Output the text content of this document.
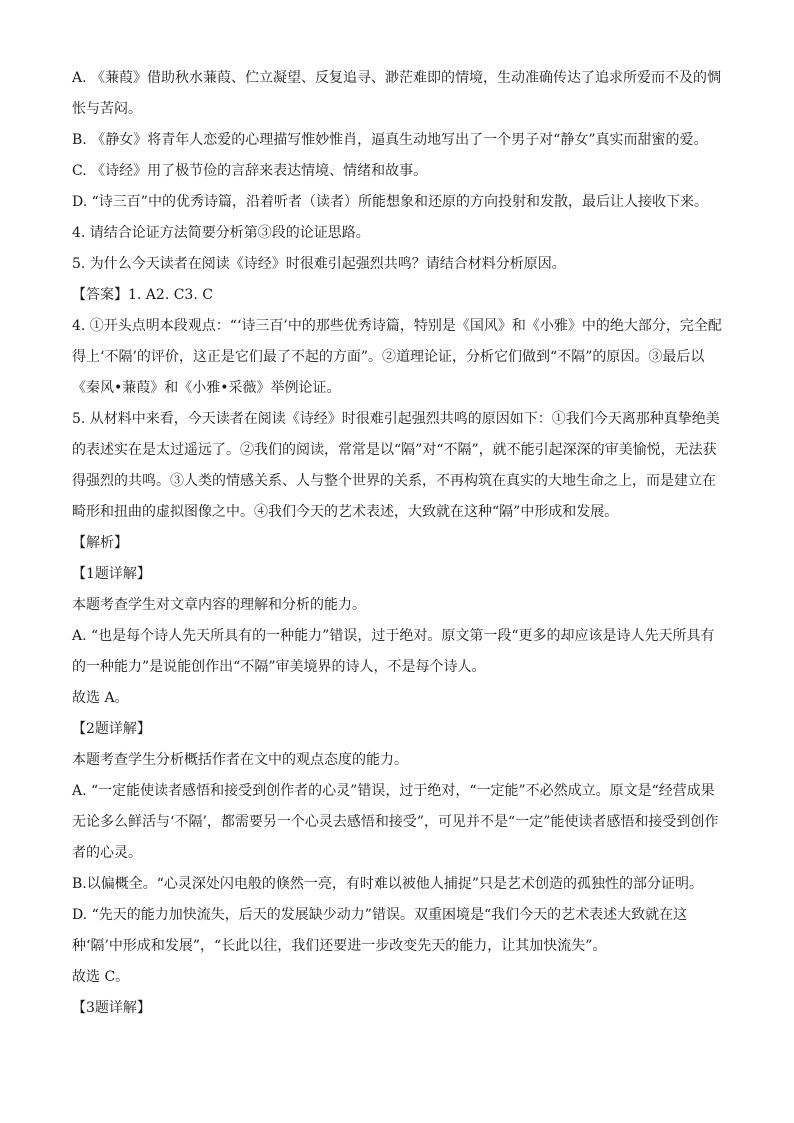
A. 《蒹葭》借助秋水蒹葭、伫立凝望、反复追寻、渺茫难即的情境，生动准确传达了追求所爱而不及的惆怅与苦闷。

B. 《静女》将青年人恋爱的心理描写惟妙惟肖，逼真生动地写出了一个男子对“静女”真实而甜蜜的爱。

C. 《诗经》用了极节俭的言辞来表达情境、情绪和故事。

D. “诗三百”中的优秀诗篇，沿着听者（读者）所能想象和还原的方向投射和发散，最后让人接收下来。

4. 请结合论证方法简要分析第③段的论证思路。

5. 为什么今天读者在阅读《诗经》时很难引起强烈共鸣？请结合材料分析原因。

【答案】1. A2. C3. C

4. ①开头点明本段观点：“‘诗三百’中的那些优秀诗篇，特别是《国风》和《小雅》中的绝大部分，完全配得上‘不隔’的评价，这正是它们最了不起的方面”。②道理论证，分析它们做到“不隔”的原因。③最后以《秦风•蒹葭》和《小雅•采薇》举例论证。

5. 从材料中来看，今天读者在阅读《诗经》时很难引起强烈共鸣的原因如下：①我们今天离那种真挚绝美的表述实在是太过遥远了。②我们的阅读，常常是以“隔”对“不隔”，就不能引起深深的审美愉悦，无法获得强烈的共鸣。③人类的情感关系、人与整个世界的关系，不再构筑在真实的大地生命之上，而是建立在畸形和扭曲的虚拟图像之中。④我们今天的艺术表述，大致就在这种“隔”中形成和发展。

【解析】

【1题详解】

本题考查学生对文章内容的理解和分析的能力。

A. “也是每个诗人先天所具有的一种能力”错误，过于绝对。原文第一段“更多的却应该是诗人先天所具有的一种能力”是说能创作出“不隔”审美境界的诗人，不是每个诗人。

故选 A。

【2题详解】

本题考查学生分析概括作者在文中的观点态度的能力。

A. “一定能使读者感悟和接受到创作者的心灵”错误，过于绝对，“一定能”不必然成立。原文是“经营成果无论多么鲜活与‘不隔’，都需要另一个心灵去感悟和接受”，可见并不是“一定”能使读者感悟和接受到创作者的心灵。

B.以偏概全。“心灵深处闪电般的倏然一亮，有时难以被他人捕捉”只是艺术创造的孤独性的部分证明。

D. “先天的能力加快流失，后天的发展缺少动力”错误。双重困境是“我们今天的艺术表述大致就在这种‘隔’中形成和发展”，“长此以往，我们还要进一步改变先天的能力，让其加快流失”。

故选 C。

【3题详解】
